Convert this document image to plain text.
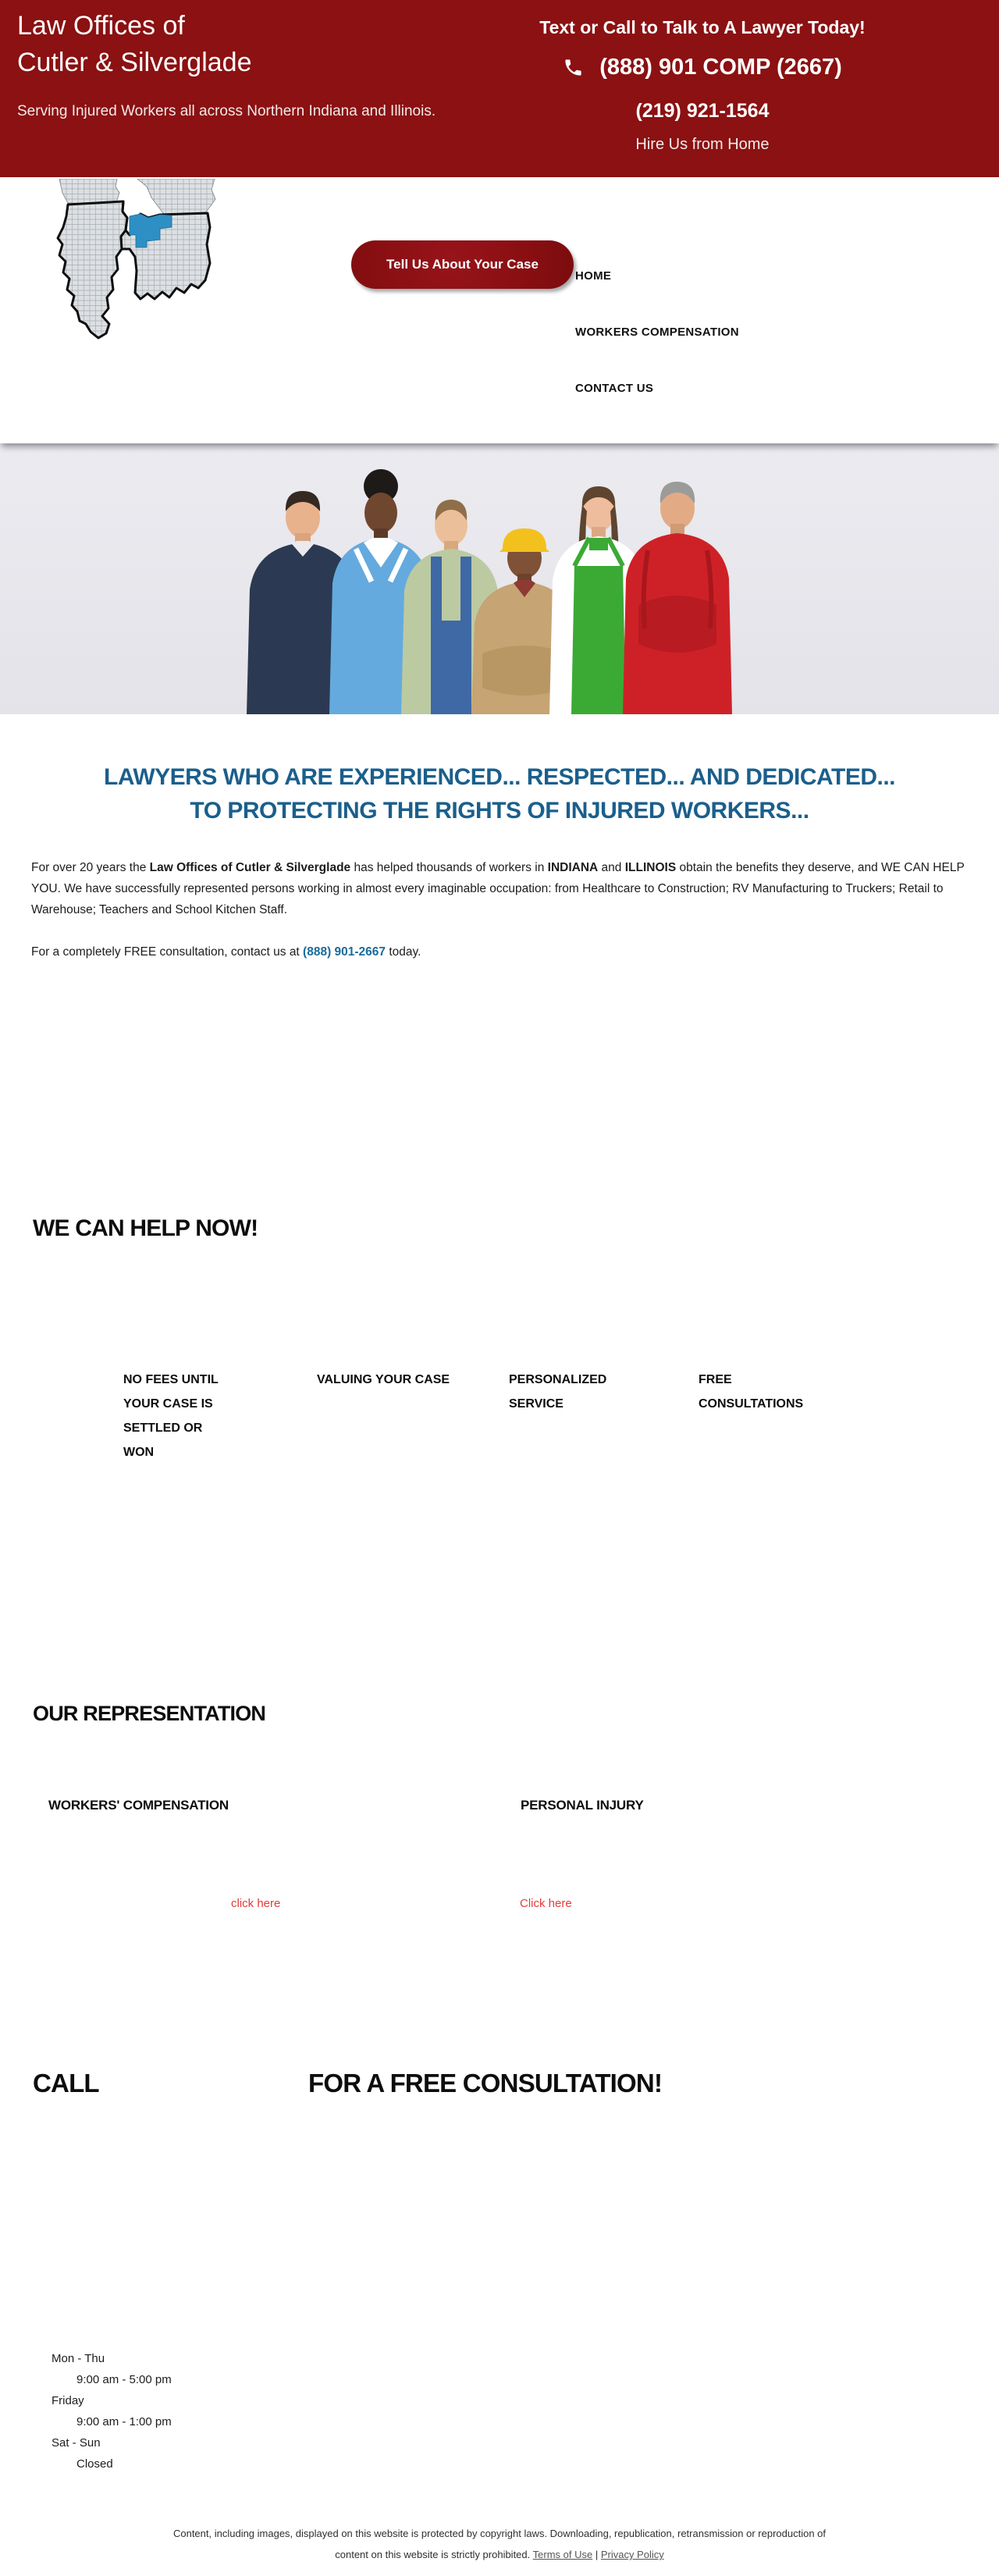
Law Offices of
Cutler & Silverglade
Serving Injured Workers all across Northern Indiana and Illinois.
Text or Call to Talk to A Lawyer Today!
(888) 901 COMP (2667)
(219) 921-1564
Hire Us from Home
Tell Us About Your Case
HOME
WORKERS COMPENSATION
CONTACT US
LAWYERS WHO ARE EXPERIENCED... RESPECTED... AND DEDICATED...
TO PROTECTING THE RIGHTS OF INJURED WORKERS...

For over 20 years the Law Offices of Cutler & Silverglade has helped thousands of workers in INDIANA and ILLINOIS obtain the benefits they deserve, and WE CAN HELP YOU. We have successfully represented persons working in almost every imaginable occupation: from Healthcare to Construction; RV Manufacturing to Truckers; Retail to Warehouse; Teachers and School Kitchen Staff.

For a completely FREE consultation, contact us at (888) 901-2667 today.

WE CAN HELP NOW!
NO FEES UNTIL YOUR CASE IS SETTLED OR WON
VALUING YOUR CASE	PERSONALIZED SERVICE
FREE CONSULTATIONS
OUR REPRESENTATION
WORKERS' COMPENSATION	PERSONAL INJURY
click here	Click here
CALL	FOR A FREE CONSULTATION!
Mon - Thu
9:00 am - 5:00 pm
Friday
9:00 am - 1:00 pm
Sat - Sun
Closed
Content, including images, displayed on this website is protected by copyright laws. Downloading, republication, retransmission or reproduction of
content on this website is strictly prohibited. Terms of Use | Privacy Policy
